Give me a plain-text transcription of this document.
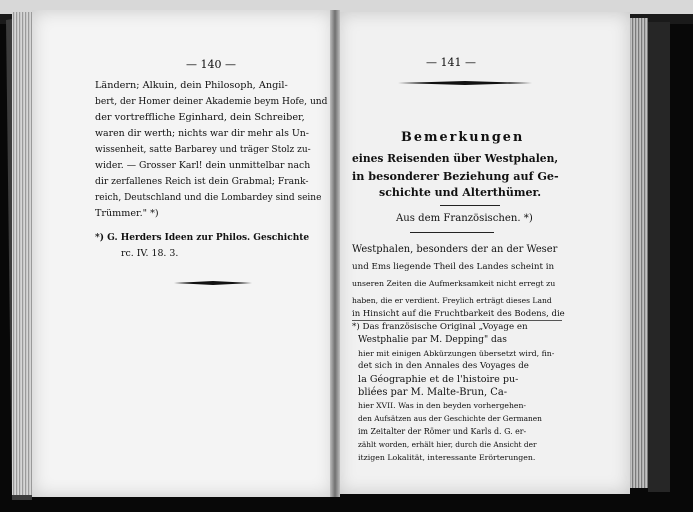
— 140 —
Ländern; Alkuin, dein Philosoph, Angil-
bert, der Homer deiner Akademie beym Hofe, und
der vortreffliche Eginhard, dein Schreiber,
waren dir werth; nichts war dir mehr als Un-
wissenheit, satte Barbarey und träger Stolz zu-
wider. — Grosser Karl! dein unmittelbar nach
dir zerfallenes Reich ist dein Grabmal; Frank-
reich, Deutschland und die Lombardey sind seine
Trümmer." *)
*) G. Herders Ideen zur Philos. Geschichte
rc. IV. 18. 3.
— 141 —
Bemerkungen
eines Reisenden über Westphalen,
in besonderer Beziehung auf Ge-
schichte und Alterthümer.
Aus dem Französischen. *)
Westphalen, besonders der an der Weser
und Ems liegende Theil des Landes scheint in
unseren Zeiten die Aufmerksamkeit nicht erregt zu
haben, die er verdient. Freylich erträgt dieses Land
in Hinsicht auf die Fruchtbarkeit des Bodens, die
*) Das französische Original „Voyage en
Westphalie par M. Depping" das
hier mit einigen Abkürzungen übersetzt wird, fin-
det sich in den Annales des Voyages de
la Géographie et de l'histoire pu-
bliées par M. Malte-Brun, Ca-
hier XVII. Was in den beyden vorhergehen-
den Aufsätzen aus der Geschichte der Germanen
im Zeitalter der Römer und Karls d. G. er-
zählt worden, erhält hier, durch die Ansicht der
itzigen Lokalität, interessante Erörterungen.
